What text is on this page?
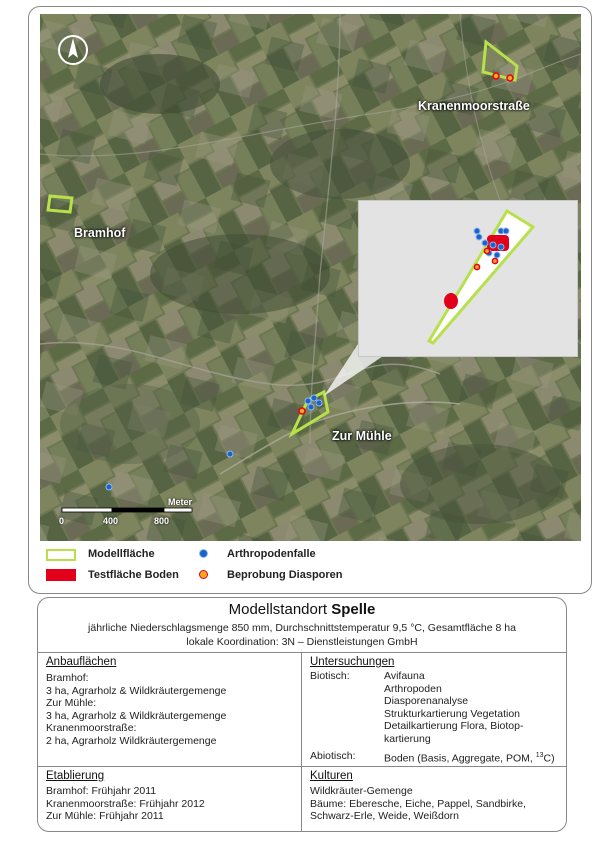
Kranenmoorstraße
Bramhof
Zur Mühle
Meter
0	400	800
Modellfläche
Testfläche Boden
Arthropodenfalle
Beprobung Diasporen
Modellstandort Spelle
jährliche Niederschlagsmenge 850 mm, Durchschnittstemperatur 9,5 °C, Gesamtfläche 8 ha
lokale Koordination: 3N – Dienstleistungen GmbH
Anbauflächen
Bramhof:
3 ha, Agrarholz & Wildkräutergemenge
Zur Mühle:
3 ha, Agrarholz & Wildkräutergemenge
Kranenmoorstraße:
2 ha, Agrarholz Wildkräutergemenge
Untersuchungen
Biotisch:	Avifauna
Arthropoden
Diasporenanalyse
Strukturkartierung Vegetation
Detailkartierung Flora, Biotop-
kartierung
Abiotisch:	Boden (Basis, Aggregate, POM, $^{13}$C)
Etablierung
Bramhof: Frühjahr 2011
Kranenmoorstraße: Frühjahr 2012
Zur Mühle: Frühjahr 2011
Kulturen
Wildkräuter-Gemenge
Bäume: Eberesche, Eiche, Pappel, Sandbirke,
Schwarz-Erle, Weide, Weißdorn
